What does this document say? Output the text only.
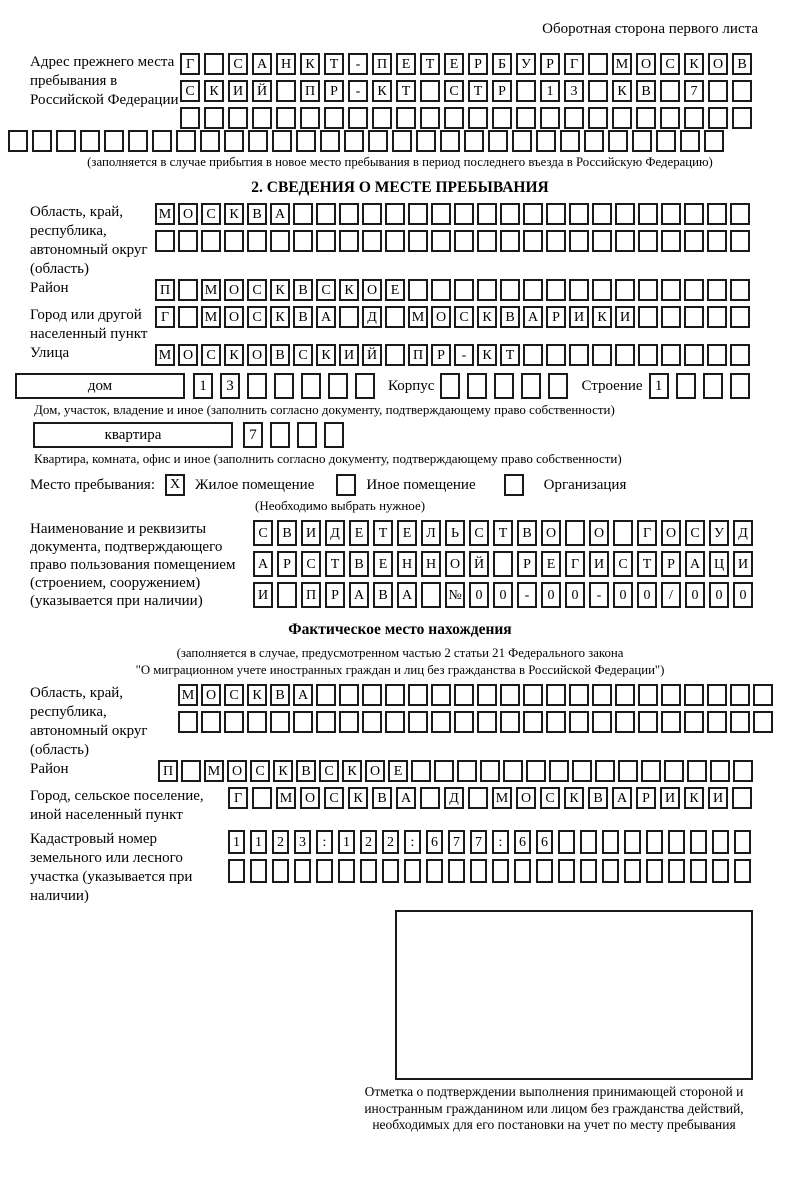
Оборотная сторона первого листа
Адрес прежнего места пребывания в Российской Федерации
Г	С А Н К Т - П Е Т Е Р Б У Р Г	М О С К О В
С К И Й	П Р - К Т	С Т Р	1 3	К В	7
(заполняется в случае прибытия в новое место пребывания в период последнего въезда в Российскую Федерацию)
2. СВЕДЕНИЯ О МЕСТЕ ПРЕБЫВАНИЯ
Область, край, республика, автономный округ (область)
М О С К В А
Район	П М О С К В С К О Е
Город или другой населенный пункт
Г	М О С К В А	Д М О С К В А Р И К И
Улица	М О С К О В С К И Й	П Р - К Т
дом	1 3	Корпус	Строение 1
Дом, участок, владение и иное (заполнить согласно документу, подтверждающему право собственности)
квартира	7
Квартира, комната, офис и иное (заполнить согласно документу, подтверждающему право собственности)
Место пребывания:	X Жилое помещение	Иное помещение	Организация
(Необходимо выбрать нужное)
Наименование и реквизиты документа, подтверждающего право пользования помещением (строением, сооружением) (указывается при наличии)
С В И Д Е Т Е Л Ь С Т В О	О	Г О С У Д
А Р С Т В Е Н Н О Й	Р Е Г И С Т Р А Ц И
И	П Р А В А	№ 0 0 - 0 0 - 0 0 / 0 0 0
Фактическое место нахождения
(заполняется в случае, предусмотренном частью 2 статьи 21 Федерального закона
"О миграционном учете иностранных граждан и лиц без гражданства в Российской Федерации")
Область, край, республика, автономный округ (область)
М О С К В А
Район	П М О С К В С К О Е
Город, сельское поселение, иной населенный пункт
Г	М О С К В А	Д	М О С К В А Р И К И
Кадастровый номер земельного или лесного участка (указывается при наличии)
1 1 2 3 : 1 2 2 : 6 7 7 : 6 6
Отметка о подтверждении выполнения принимающей стороной и иностранным гражданином или лицом без гражданства действий, необходимых для его постановки на учет по месту пребывания
